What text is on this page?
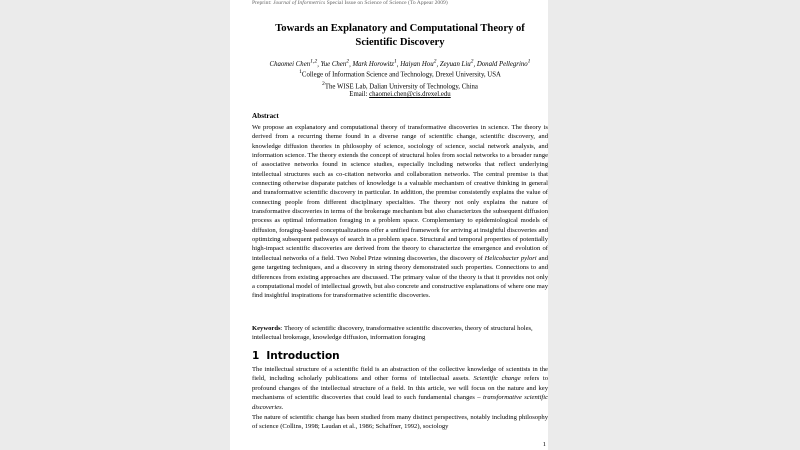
Preprint: Journal of Informetrics Special Issue on Science of Science (To Appear 2009)
Towards an Explanatory and Computational Theory of
Scientific Discovery
Chaomei Chen$^{1,2}$, Yue Chen$^2$, Mark Horowitz$^1$, Haiyan Hou$^2$, Zeyuan Liu$^2$, Donald Pellegrino$^1$
$^1$College of Information Science and Technology, Drexel University, USA
$^2$The WISE Lab, Dalian University of Technology, China
Email: chaomei.chen@cis.drexel.edu
Abstract
We propose an explanatory and computational theory of transformative discoveries in science. The theory is derived from a recurring theme found in a diverse range of scientific change, scientific discovery, and knowledge diffusion theories in philosophy of science, sociology of science, social network analysis, and information science. The theory extends the concept of structural holes from social networks to a broader range of associative networks found in science studies, especially including networks that reflect underlying intellectual structures such as co-citation networks and collaboration networks. The central premise is that connecting otherwise disparate patches of knowledge is a valuable mechanism of creative thinking in general and transformative scientific discovery in particular. In addition, the premise consistently explains the value of connecting people from different disciplinary specialties. The theory not only explains the nature of transformative discoveries in terms of the brokerage mechanism but also characterizes the subsequent diffusion process as optimal information foraging in a problem space. Complementary to epidemiological models of diffusion, foraging-based conceptualizations offer a unified framework for arriving at insightful discoveries and optimizing subsequent pathways of search in a problem space. Structural and temporal properties of potentially high-impact scientific discoveries are derived from the theory to characterize the emergence and evolution of intellectual networks of a field. Two Nobel Prize winning discoveries, the discovery of Helicobacter pylori and gene targeting techniques, and a discovery in string theory demonstrated such properties. Connections to and differences from existing approaches are discussed. The primary value of the theory is that it provides not only a computational model of intellectual growth, but also concrete and constructive explanations of where one may find insightful inspirations for transformative scientific discoveries.
Keywords: Theory of scientific discovery, transformative scientific discoveries, theory of structural holes, intellectual brokerage, knowledge diffusion, information foraging
1 Introduction

The intellectual structure of a scientific field is an abstraction of the collective knowledge of scientists in the field, including scholarly publications and other forms of intellectual assets. Scientific change refers to profound changes of the intellectual structure of a field. In this article, we will focus on the nature and key mechanisms of scientific discoveries that could lead to such fundamental changes – transformative scientific discoveries.

The nature of scientific change has been studied from many distinct perspectives, notably including philosophy of science (Collins, 1998; Laudan et al., 1986; Schaffner, 1992), sociology

1
